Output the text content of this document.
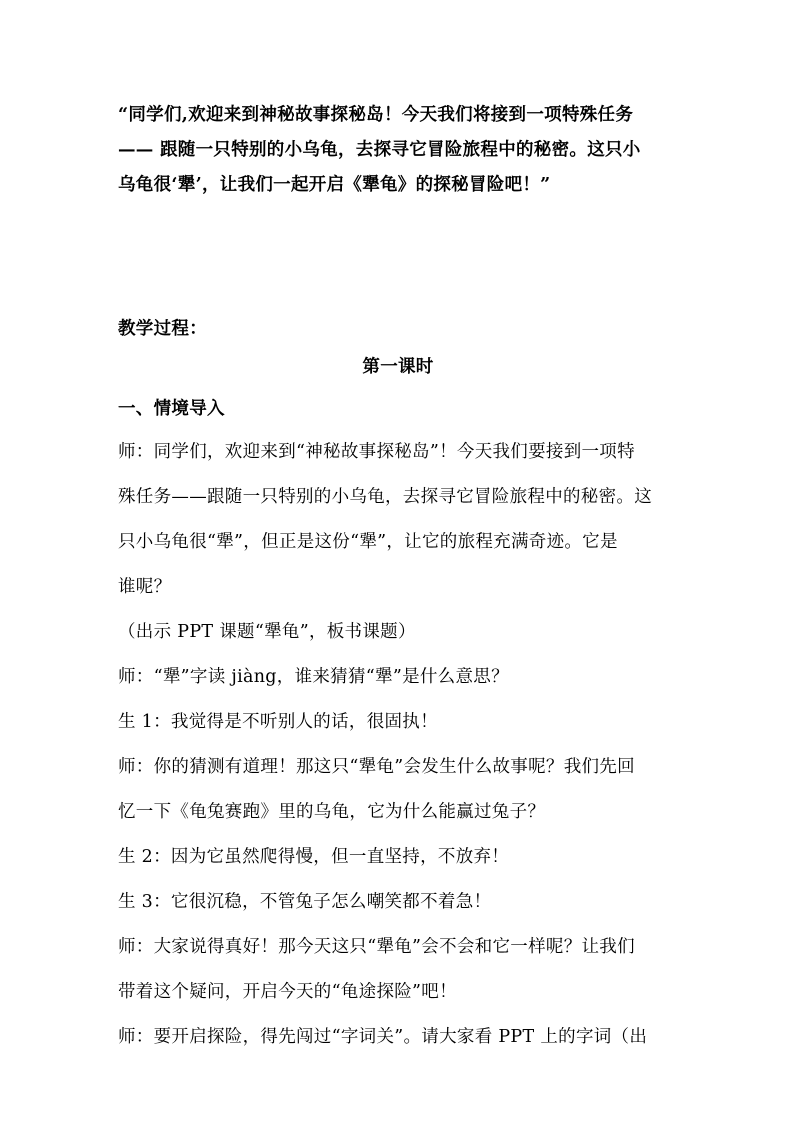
“同学们,欢迎来到神秘故事探秘岛！今天我们将接到一项特殊任务

—— 跟随一只特别的小乌龟，去探寻它冒险旅程中的秘密。这只小

乌龟很‘犟’，让我们一起开启《犟龟》的探秘冒险吧！”

教学过程：

第一课时

一、情境导入

师：同学们，欢迎来到“神秘故事探秘岛”！今天我们要接到一项特

殊任务——跟随一只特别的小乌龟，去探寻它冒险旅程中的秘密。这

只小乌龟很“犟”，但正是这份“犟”，让它的旅程充满奇迹。它是

谁呢？

（出示 PPT 课题“犟龟”，板书课题）

师：“犟”字读 jiàng，谁来猜猜“犟”是什么意思？

生 1：我觉得是不听别人的话，很固执！

师：你的猜测有道理！那这只“犟龟”会发生什么故事呢？我们先回

忆一下《龟兔赛跑》里的乌龟，它为什么能赢过兔子？

生 2：因为它虽然爬得慢，但一直坚持，不放弃！

生 3：它很沉稳，不管兔子怎么嘲笑都不着急！

师：大家说得真好！那今天这只“犟龟”会不会和它一样呢？让我们

带着这个疑问，开启今天的“龟途探险”吧！

师：要开启探险，得先闯过“字词关”。请大家看 PPT 上的字词（出
